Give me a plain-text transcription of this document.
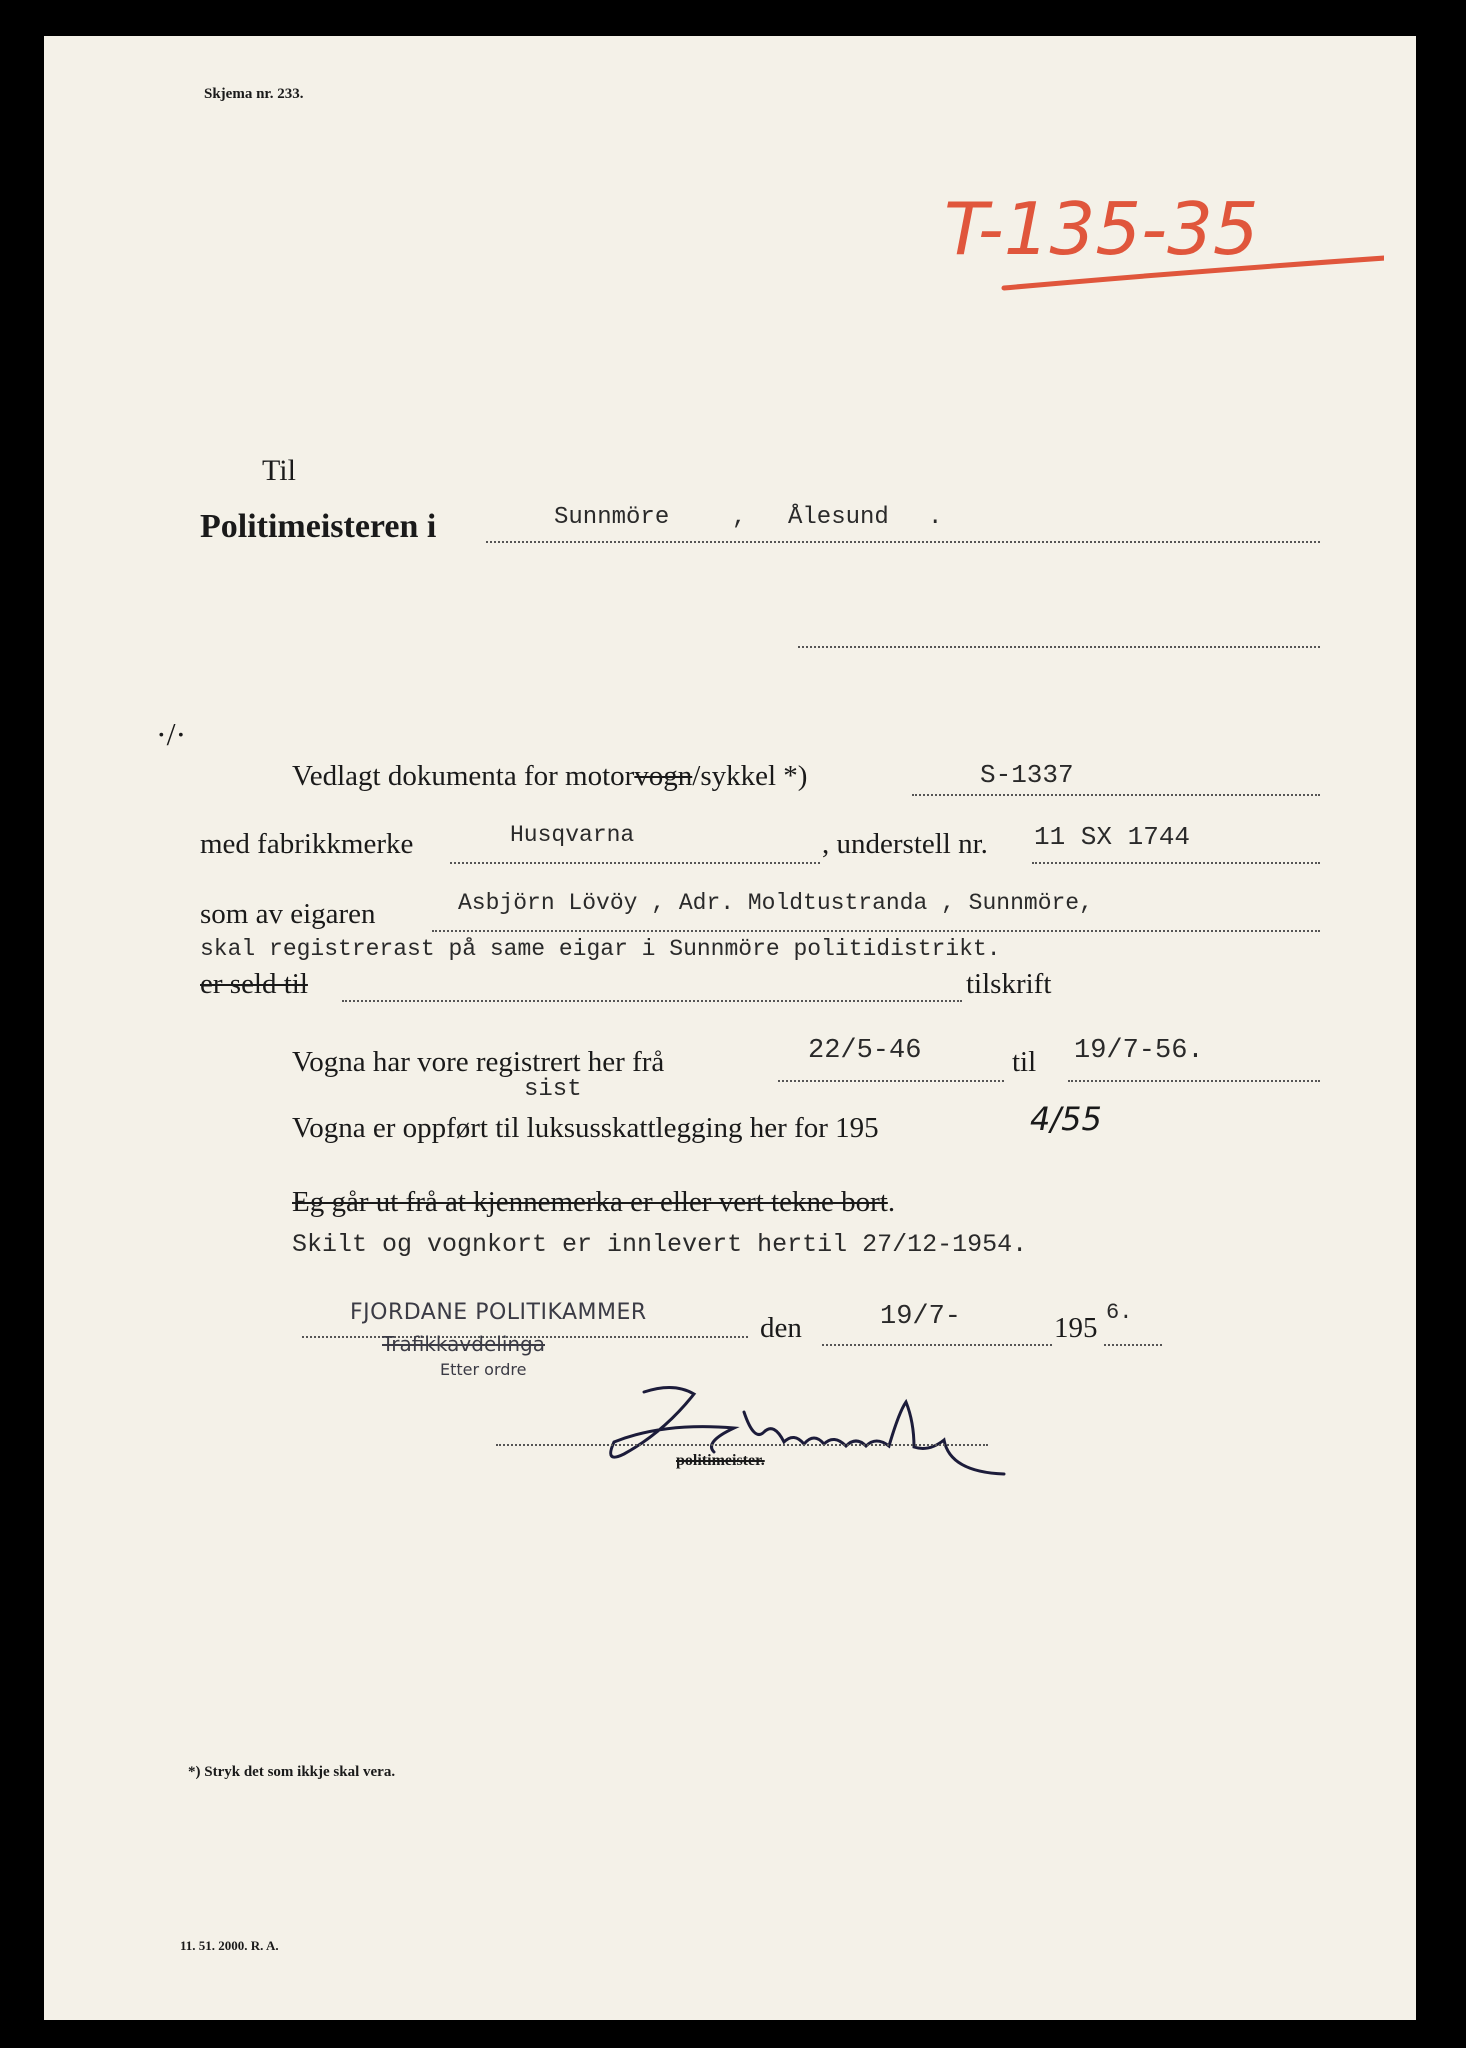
Skjema nr. 233.
T-135-35
Til
Politimeisteren i	Sunnmöre	, Ålesund .
·/·
Vedlagt dokumenta for motorvogn/sykkel *)	S-1337
med fabrikkmerke	Husqvarna	, understell nr. 11 SX 1744
som av eigaren	Asbjörn Lövöy , Adr. Moldtustranda , Sunnmöre,
skal registrerast på same eigar i Sunnmöre politidistrikt.
er seld til	tilskrift
Vogna har vore registrert her frå	22/5-46	til 19/7-56.
sist
Vogna er oppført til luksusskattlegging her for 195	4/55
Eg går ut frå at kjennemerka er eller vert tekne bort.
Skilt og vognkort er innlevert hertil 27/12-1954.
FJORDANE POLITIKAMMER
Trafikkavdelinga
Etter ordre
den	19/7-	195 6.
politimeister.
*) Stryk det som ikkje skal vera.
11. 51. 2000. R. A.
